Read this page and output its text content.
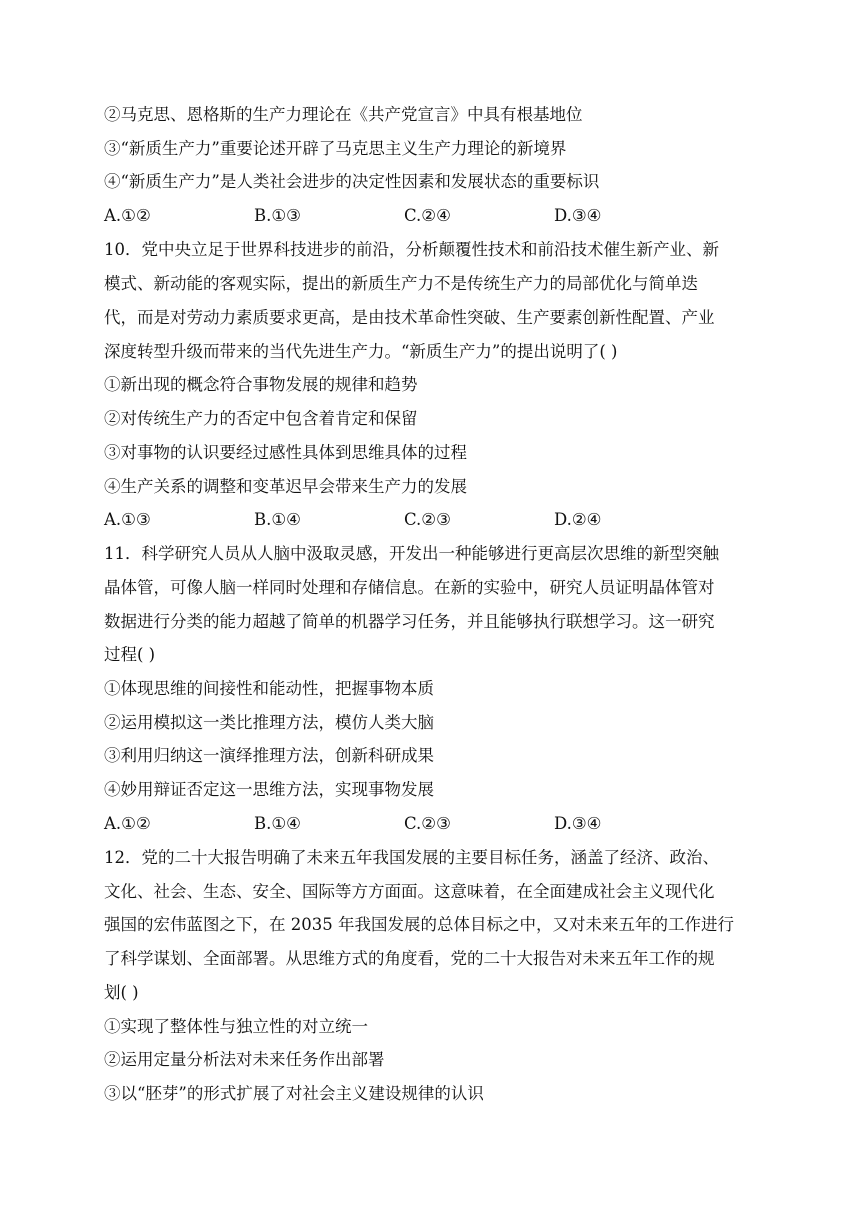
②马克思、恩格斯的生产力理论在《共产党宣言》中具有根基地位
③“新质生产力”重要论述开辟了马克思主义生产力理论的新境界
④“新质生产力”是人类社会进步的决定性因素和发展状态的重要标识
A.①②	B.①③	C.②④	D.③④
10．党中央立足于世界科技进步的前沿，分析颠覆性技术和前沿技术催生新产业、新
模式、新动能的客观实际，提出的新质生产力不是传统生产力的局部优化与简单迭
代，而是对劳动力素质要求更高，是由技术革命性突破、生产要素创新性配置、产业
深度转型升级而带来的当代先进生产力。“新质生产力”的提出说明了( )
①新出现的概念符合事物发展的规律和趋势
②对传统生产力的否定中包含着肯定和保留
③对事物的认识要经过感性具体到思维具体的过程
④生产关系的调整和变革迟早会带来生产力的发展
A.①③	B.①④	C.②③	D.②④
11．科学研究人员从人脑中汲取灵感，开发出一种能够进行更高层次思维的新型突触
晶体管，可像人脑一样同时处理和存储信息。在新的实验中，研究人员证明晶体管对
数据进行分类的能力超越了简单的机器学习任务，并且能够执行联想学习。这一研究
过程( )
①体现思维的间接性和能动性，把握事物本质
②运用模拟这一类比推理方法，模仿人类大脑
③利用归纳这一演绎推理方法，创新科研成果
④妙用辩证否定这一思维方法，实现事物发展
A.①②	B.①④	C.②③	D.③④
12．党的二十大报告明确了未来五年我国发展的主要目标任务，涵盖了经济、政治、
文化、社会、生态、安全、国际等方方面面。这意味着，在全面建成社会主义现代化
强国的宏伟蓝图之下，在 2035 年我国发展的总体目标之中，又对未来五年的工作进行
了科学谋划、全面部署。从思维方式的角度看，党的二十大报告对未来五年工作的规
划( )
①实现了整体性与独立性的对立统一
②运用定量分析法对未来任务作出部署
③以“胚芽”的形式扩展了对社会主义建设规律的认识
